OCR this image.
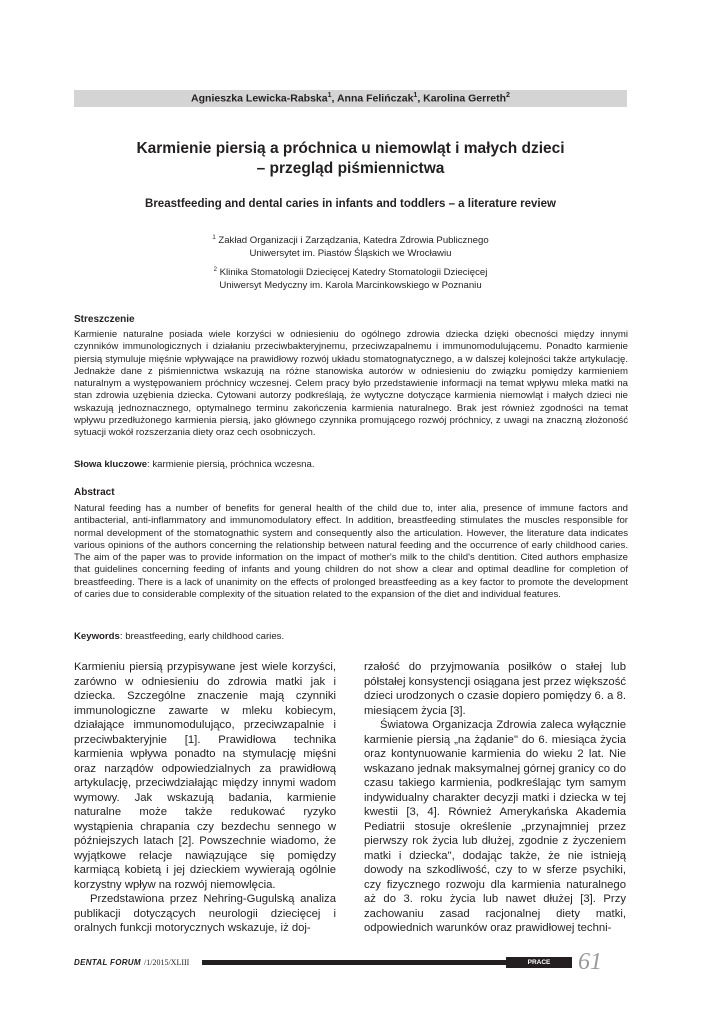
Agnieszka Lewicka-Rabska$^1$, Anna Felińczak$^1$, Karolina Gerreth$^2$
Karmienie piersią a próchnica u niemowląt i małych dzieci
– przegląd piśmiennictwa
Breastfeeding and dental caries in infants and toddlers – a literature review
$^1$ Zakład Organizacji i Zarządzania, Katedra Zdrowia Publicznego
Uniwersytet im. Piastów Śląskich we Wrocławiu
$^2$ Klinika Stomatologii Dziecięcej Katedry Stomatologii Dziecięcej
Uniwersyt Medyczny im. Karola Marcinkowskiego w Poznaniu
Streszczenie
Karmienie naturalne posiada wiele korzyści w odniesieniu do ogólnego zdrowia dziecka dzięki obecności między innymi czynników immunologicznych i działaniu przeciwbakteryjnemu, przeciwzapalnemu i immunomodulującemu. Ponadto karmienie piersią stymuluje mięśnie wpływające na prawidłowy rozwój układu stomatognatycznego, a w dalszej kolejności także artykulację. Jednakże dane z piśmiennictwa wskazują na różne stanowiska autorów w odniesieniu do związku pomiędzy karmieniem naturalnym a występowaniem próchnicy wczesnej. Celem pracy było przedstawienie informacji na temat wpływu mleka matki na stan zdrowia uzębienia dziecka. Cytowani autorzy podkreślają, że wytyczne dotyczące karmienia niemowląt i małych dzieci nie wskazują jednoznacznego, optymalnego terminu zakończenia karmienia naturalnego. Brak jest również zgodności na temat wpływu przedłużonego karmienia piersią, jako głównego czynnika promującego rozwój próchnicy, z uwagi na znaczną złożoność sytuacji wokół rozszerzania diety oraz cech osobniczych.
Słowa kluczowe: karmienie piersią, próchnica wczesna.
Abstract
Natural feeding has a number of benefits for general health of the child due to, inter alia, presence of immune factors and antibacterial, anti-inflammatory and immunomodulatory effect. In addition, breastfeeding stimulates the muscles responsible for normal development of the stomatognathic system and consequently also the articulation. However, the literature data indicates various opinions of the authors concerning the relationship between natural feeding and the occurrence of early childhood caries. The aim of the paper was to provide information on the impact of mother's milk to the child's dentition. Cited authors emphasize that guidelines concerning feeding of infants and young children do not show a clear and optimal deadline for completion of breastfeeding. There is a lack of unanimity on the effects of prolonged breastfeeding as a key factor to promote the development of caries due to considerable complexity of the situation related to the expansion of the diet and individual features.
Keywords: breastfeeding, early childhood caries.

Karmieniu piersią przypisywane jest wiele korzyści, zarówno w odniesieniu do zdrowia matki jak i dziecka. Szczególne znaczenie mają czynniki immunologiczne zawarte w mleku kobiecym, działające immunomodulująco, przeciwzapalnie i przeciwbakteryjnie [1]. Prawidłowa technika karmienia wpływa ponadto na stymulację mięśni oraz narządów odpowiedzialnych za prawidłową artykulację, przeciwdziałając między innymi wadom wymowy. Jak wskazują badania, karmienie naturalne może także redukować ryzyko wystąpienia chrapania czy bezdechu sennego w późniejszych latach [2]. Powszechnie wiadomo, że wyjątkowe relacje nawiązujące się pomiędzy karmiącą kobietą i jej dzieckiem wywierają ogólnie korzystny wpływ na rozwój niemowlęcia.

Przedstawiona przez Nehring-Gugulską analiza publikacji dotyczących neurologii dziecięcej i oralnych funkcji motorycznych wskazuje, iż doj-

rzałość do przyjmowania posiłków o stałej lub półstałej konsystencji osiągana jest przez większość dzieci urodzonych o czasie dopiero pomiędzy 6. a 8. miesiącem życia [3].

Światowa Organizacja Zdrowia zaleca wyłącznie karmienie piersią „na żądanie" do 6. miesiąca życia oraz kontynuowanie karmienia do wieku 2 lat. Nie wskazano jednak maksymalnej górnej granicy co do czasu takiego karmienia, podkreślając tym samym indywidualny charakter decyzji matki i dziecka w tej kwestii [3, 4]. Również Amerykańska Akademia Pediatrii stosuje określenie „przynajmniej przez pierwszy rok życia lub dłużej, zgodnie z życzeniem matki i dziecka", dodając także, że nie istnieją dowody na szkodliwość, czy to w sferze psychiki, czy fizycznego rozwoju dla karmienia naturalnego aż do 3. roku życia lub nawet dłużej [3]. Przy zachowaniu zasad racjonalnej diety matki, odpowiednich warunków oraz prawidłowej techni-

DENTAL FORUM /1/2015/XLIII	PRACE POGLĄDOWE 61
